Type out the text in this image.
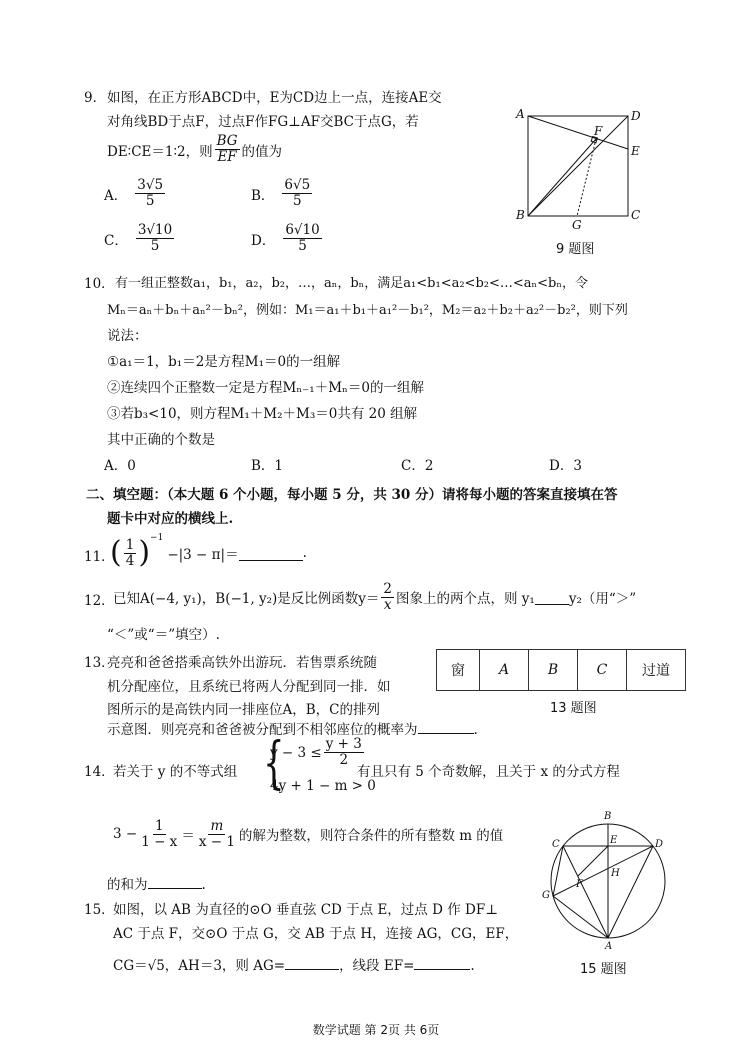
9． 如图，在正方形ABCD中，E为CD边上一点，连接AE交
对角线BD于点F，过点F作FG⊥AF交BC于点G，若
DE∶CE＝1∶2，则 $\frac{BG}{EF}$ 的值为
A． $\frac{3√5}{5}$	B． $\frac{6√5}{5}$
C． $\frac{3√10}{5}$	D． $\frac{6√10}{5}$
A	D
E
F
B	C
G
9 题图
10． 有一组正整数a₁，b₁，a₂，b₂，…，aₙ，bₙ，满足a₁<b₁<a₂<b₂<…<aₙ<bₙ，令
Mₙ＝aₙ＋bₙ＋aₙ²－bₙ²，例如：M₁＝a₁＋b₁＋a₁²－b₁²，M₂＝a₂＋b₂＋a₂²－b₂²，则下列
说法：
①a₁＝1，b₁＝2是方程M₁＝0的一组解
②连续四个正整数一定是方程Mₙ₋₁＋Mₙ＝0的一组解
③若b₃<10，则方程M₁＋M₂＋M₃＝0共有 20 组解
其中正确的个数是
A．0	B．1	C．2	D．3
二、填空题：（本大题 6 个小题，每小题 5 分，共 30 分）请将每小题的答案直接填在答
题卡中对应的横线上.
11．
( $\frac{1}{4} )^{-1}$
−|3 − π|＝	.
12．
已知A(−4, y₁)，B(−1, y₂)是反比例函数$y= \frac{2}{x}$ 图象上的两个点，则 y₁	y₂（用“＞”
“＜”或“＝”填空）.
13．
亮亮和爸爸搭乘高铁外出游玩．若售票系统随
机分配座位，且系统已将两人分配到同一排．如
图所示的是高铁内同一排座位A，B，C的排列
示意图．则亮亮和爸爸被分配到不相邻座位的概率为	.
窗	A	B	C	过道
13 题图
14．
若关于 y 的不等式组 {
$y - 3 \le \frac{y + 3}{2}$
4y + 1 − m > 0
有且只有 5 个奇数解，且关于 x 的分式方程
$3 - \frac{1}{1 - x} = \frac{m}{x - 1}$ 的解为整数，则符合条件的所有整数 m 的值
的和为	.
15．
如图，以 AB 为直径的⊙O 垂直弦 CD 于点 E，过点 D 作 DF⊥
AC 于点 F，交⊙O 于点 G，交 AB 于点 H，连接 AG，CG，EF，
CG＝√5，AH＝3，则 AG=	，线段 EF=	.
B
C	E	D
H
F
G
A
15 题图
数学试题 第 2页 共 6页
